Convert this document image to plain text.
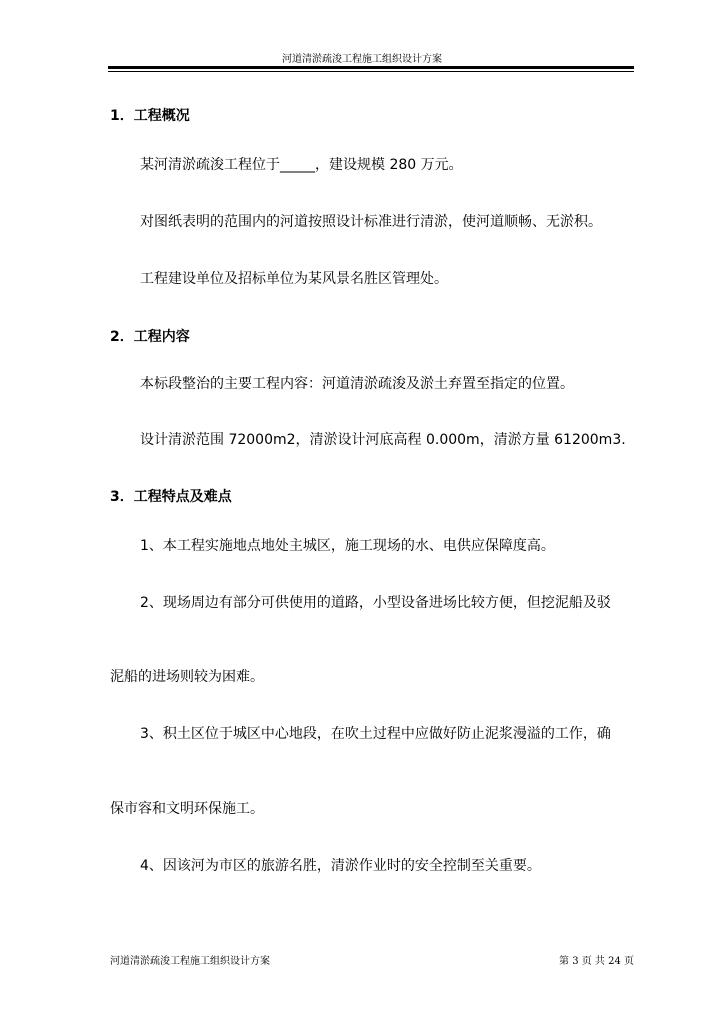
河道清淤疏浚工程施工组织设计方案
1．工程概况
某河清淤疏浚工程位于_____，建设规模 280 万元。
对图纸表明的范围内的河道按照设计标准进行清淤，使河道顺畅、无淤积。
工程建设单位及招标单位为某风景名胜区管理处。
2．工程内容
本标段整治的主要工程内容：河道清淤疏浚及淤土弃置至指定的位置。
设计清淤范围 72000m2，清淤设计河底高程 0.000m，清淤方量 61200m3.
3．工程特点及难点
1、本工程实施地点地处主城区，施工现场的水、电供应保障度高。
2、现场周边有部分可供使用的道路，小型设备进场比较方便，但挖泥船及驳
泥船的进场则较为困难。
3、积土区位于城区中心地段，在吹土过程中应做好防止泥浆漫溢的工作，确
保市容和文明环保施工。
4、因该河为市区的旅游名胜，清淤作业时的安全控制至关重要。
河道清淤疏浚工程施工组织设计方案	第 3 页 共 24 页
